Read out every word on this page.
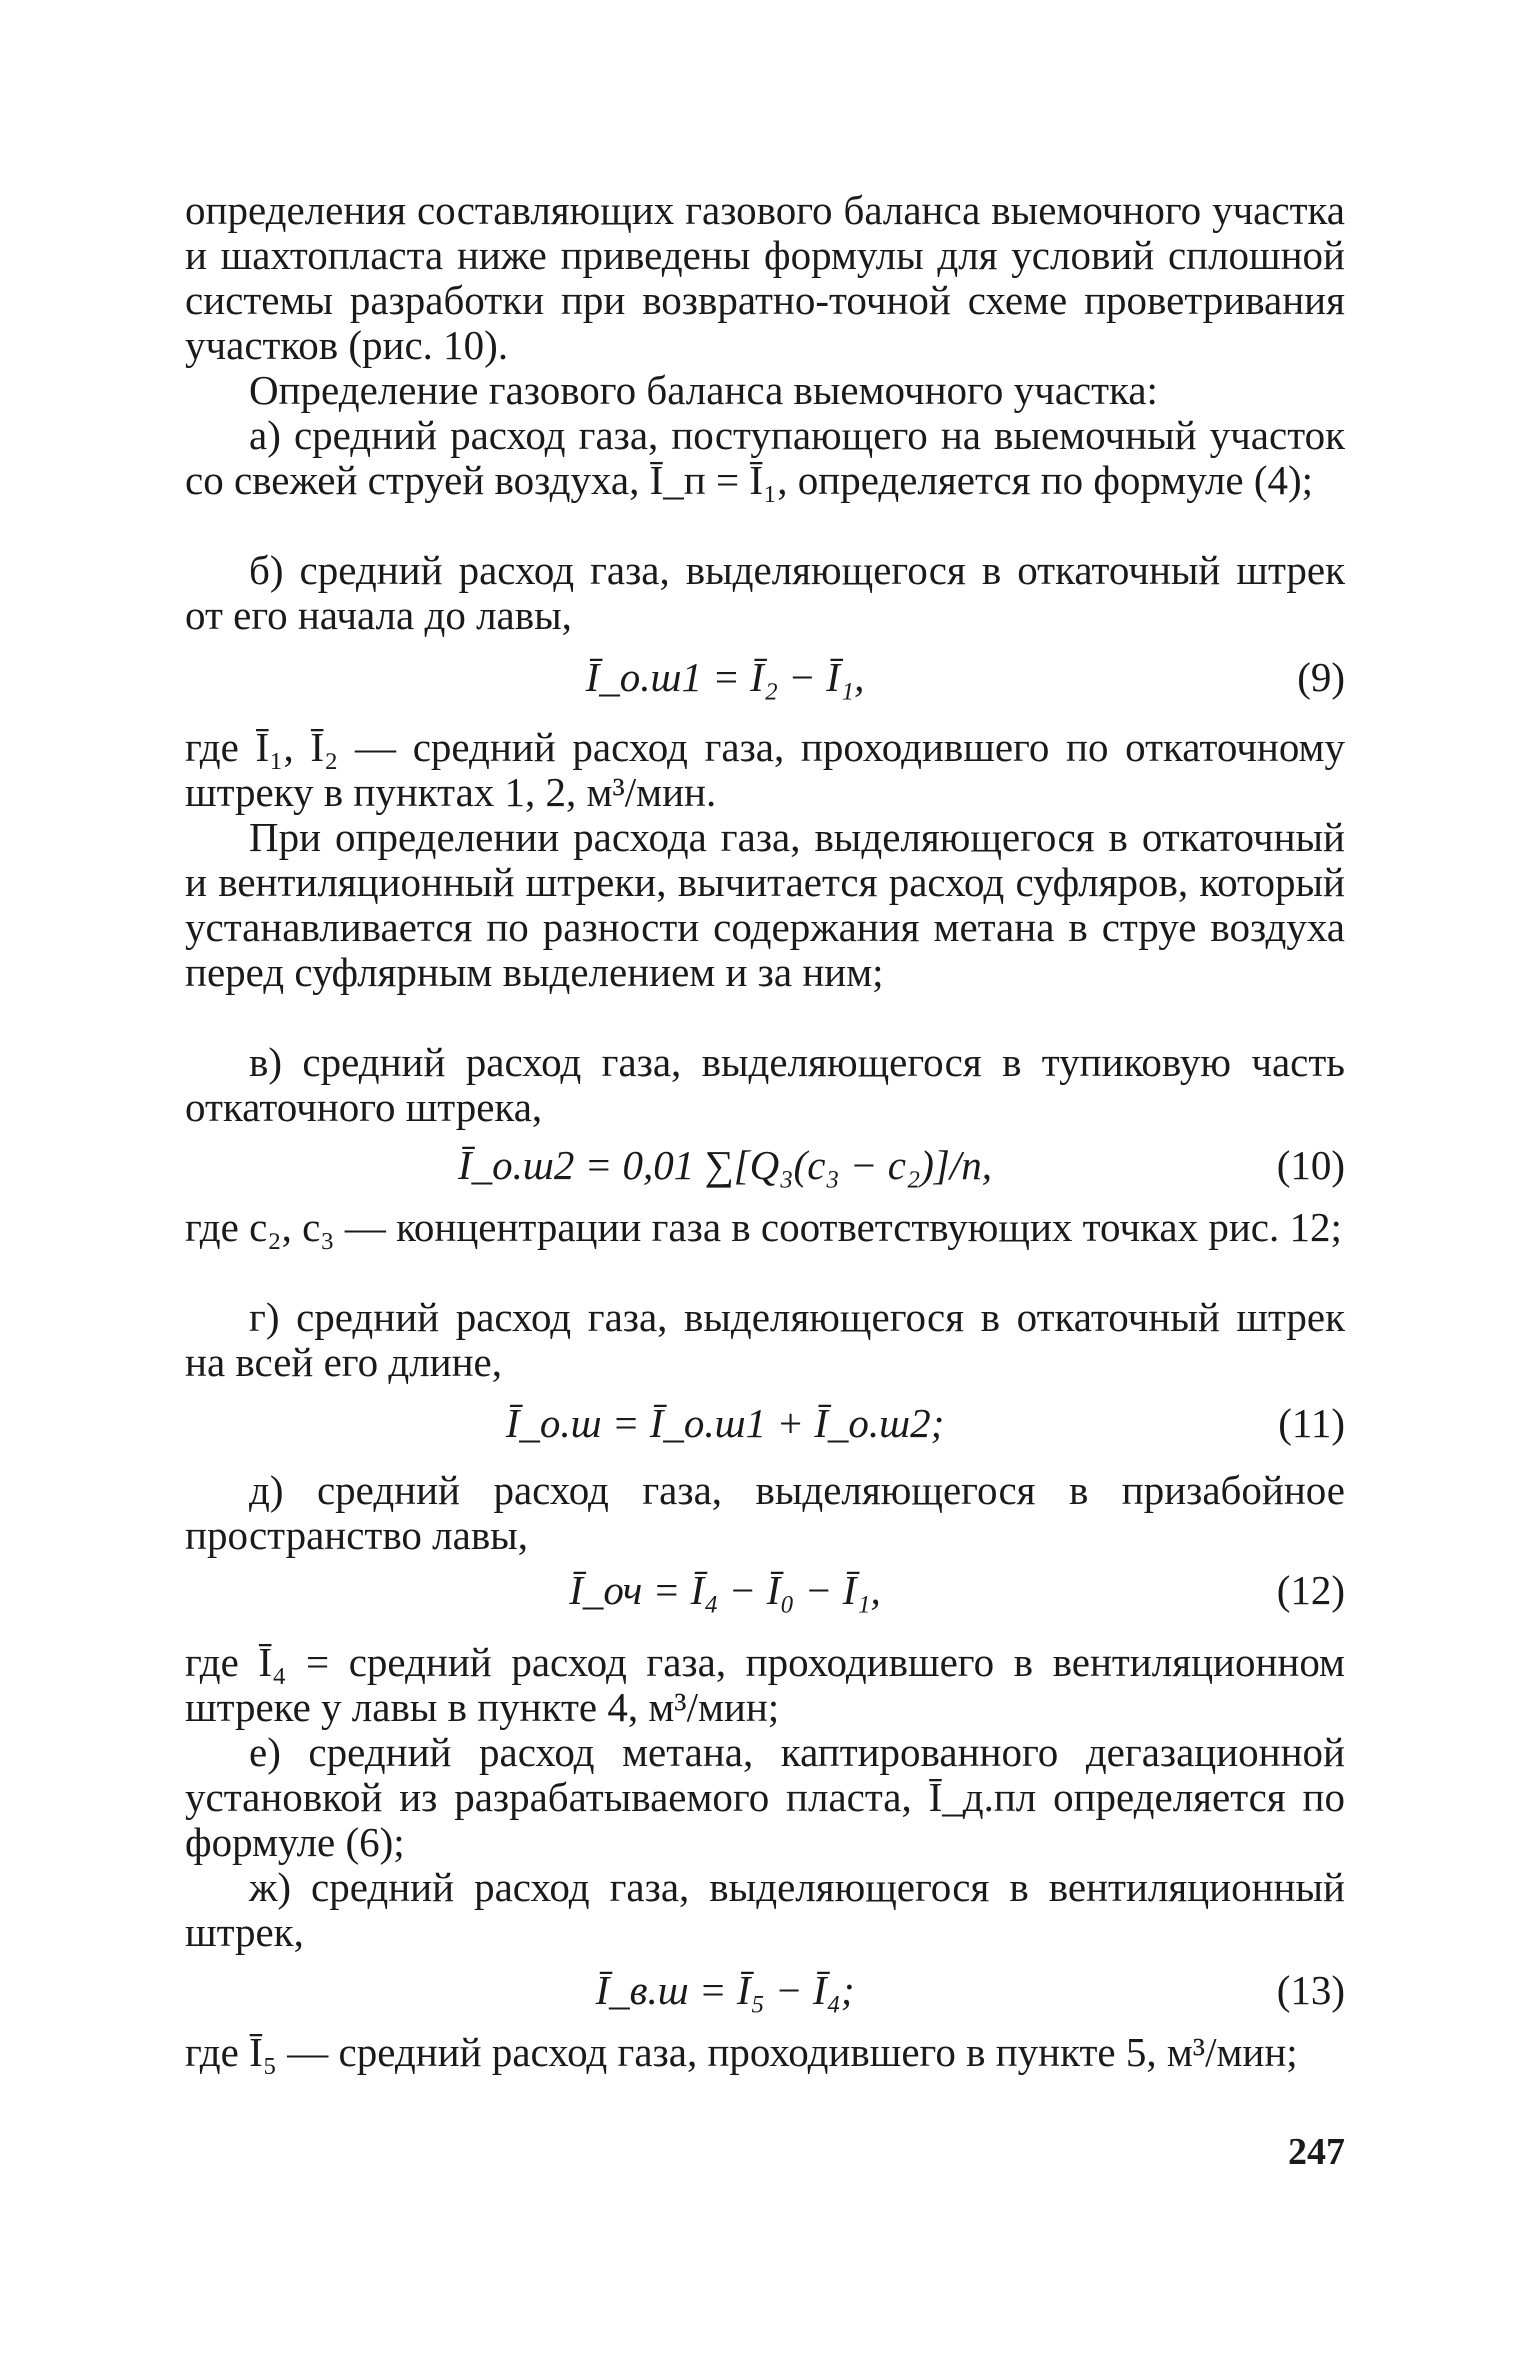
определения составляющих газового баланса выемочного участка и шахтопласта ниже приведены формулы для условий сплошной системы разработки при возвратно-точной схеме проветривания участков (рис. 10).

Определение газового баланса выемочного участка:

а) средний расход газа, поступающего на выемочный участок со свежей струей воздуха, Ī_п = Ī₁, определяется по формуле (4);

б) средний расход газа, выделяющегося в откаточный штрек от его начала до лавы,

Ī_о.ш1 = Ī₂ − Ī₁,	(9)

где Ī₁, Ī₂ — средний расход газа, проходившего по откаточному штреку в пунктах 1, 2, м³/мин.

При определении расхода газа, выделяющегося в откаточный и вентиляционный штреки, вычитается расход суфляров, который устанавливается по разности содержания метана в струе воздуха перед суфлярным выделением и за ним;

в) средний расход газа, выделяющегося в тупиковую часть откаточного штрека,

Ī_о.ш2 = 0,01 ∑[Q₃(c₃ − c₂)]/n,	(10)

где с₂, с₃ — концентрации газа в соответствующих точках рис. 12;

г) средний расход газа, выделяющегося в откаточный штрек на всей его длине,

Ī_о.ш = Ī_о.ш1 + Ī_о.ш2;	(11)

д) средний расход газа, выделяющегося в призабойное пространство лавы,

Ī_оч = Ī₄ − Ī₀ − Ī₁,	(12)

где Ī₄ = средний расход газа, проходившего в вентиляционном штреке у лавы в пункте 4, м³/мин;

е) средний расход метана, каптированного дегазационной установкой из разрабатываемого пласта, Ī_д.пл определяется по формуле (6);

ж) средний расход газа, выделяющегося в вентиляционный штрек,

Ī_в.ш = Ī₅ − Ī₄;	(13)

где Ī₅ — средний расход газа, проходившего в пункте 5, м³/мин;

247
